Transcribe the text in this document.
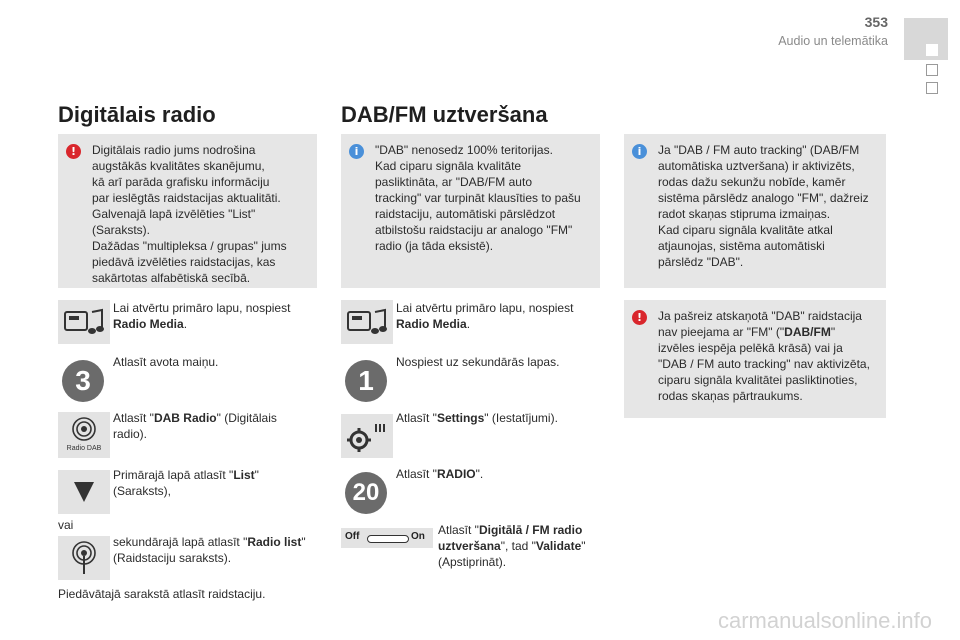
353
Audio un telemātika
Digitālais radio
!	Digitālais radio jums nodrošina
augstākās kvalitātes skanējumu,
kā arī parāda grafisku informāciju
par ieslēgtās raidstacijas aktualitāti.
Galvenajā lapā izvēlēties "List"
(Saraksts).
Dažādas "multipleksa / grupas" jums
piedāvā izvēlēties raidstacijas, kas
sakārtotas alfabētiskā secībā.
Lai atvērtu primāro lapu, nospiest
Radio Media.
3
Atlasīt avota maiņu.
Radio DAB
Atlasīt "DAB Radio" (Digitālais
radio).
Primārajā lapā atlasīt "List"
(Saraksts),
vai
sekundārajā lapā atlasīt "Radio list"
(Raidstaciju saraksts).
Piedāvātajā sarakstā atlasīt raidstaciju.
DAB/FM uztveršana
i	"DAB" nenosedz 100% teritorijas.
Kad ciparu signāla kvalitāte
pasliktināta, ar "DAB/FM auto
tracking" var turpināt klausīties to pašu
raidstaciju, automātiski pārslēdzot
atbilstošu raidstaciju ar analogo "FM"
radio (ja tāda eksistē).
Lai atvērtu primāro lapu, nospiest
Radio Media.
1
Nospiest uz sekundārās lapas.
Atlasīt "Settings" (Iestatījumi).
20
Atlasīt "RADIO".
Off	On Atlasīt "Digitālā / FM radio
uztveršana", tad "Validate"
(Apstiprināt).
i	Ja "DAB / FM auto tracking" (DAB/FM
automātiska uztveršana) ir aktivizēts,
rodas dažu sekunžu nobīde, kamēr
sistēma pārslēdz analogo "FM", dažreiz
radot skaņas stipruma izmaiņas.
Kad ciparu signāla kvalitāte atkal
atjaunojas, sistēma automātiski
pārslēdz "DAB".
!	Ja pašreiz atskaņotā "DAB" raidstacija
nav pieejama ar "FM" ("DAB/FM"
izvēles iespēja pelēkā krāsā) vai ja
"DAB / FM auto tracking" nav aktivizēta,
ciparu signāla kvalitātei pasliktinoties,
rodas skaņas pārtraukums.
carmanualsonline.info
